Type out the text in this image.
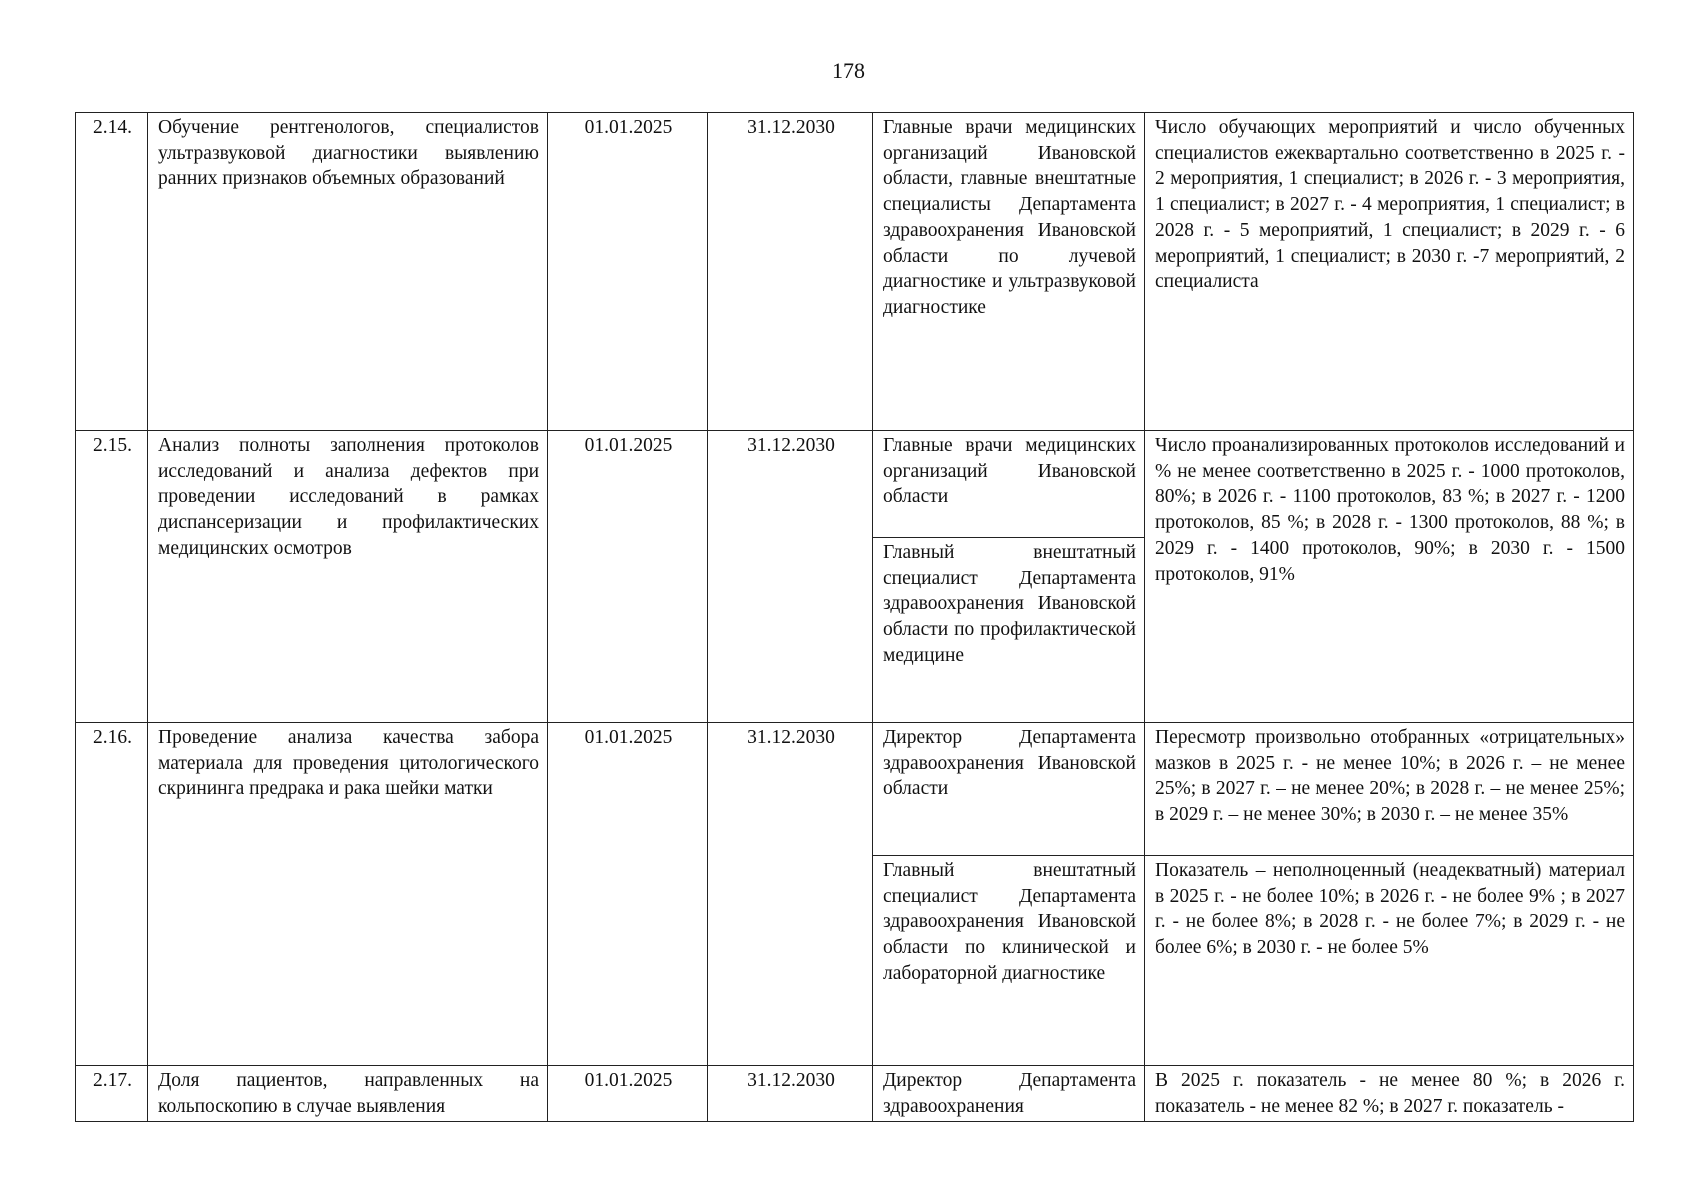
178
2.14.	Обучение рентгенологов, специалистов ультразвуковой диагностики выявлению ранних признаков объемных образований	01.01.2025	31.12.2030	Главные врачи медицинских организаций Ивановской области, главные внештатные специалисты Департамента здравоохранения Ивановской области по лучевой диагностике и ультразвуковой диагностике	Число обучающих мероприятий и число обученных специалистов ежеквартально соответственно в 2025 г. - 2 мероприятия, 1 специалист; в 2026 г. - 3 мероприятия, 1 специалист; в 2027 г. - 4 мероприятия, 1 специалист; в 2028 г. - 5 мероприятий, 1 специалист; в 2029 г. - 6 мероприятий, 1 специалист; в 2030 г. -7 мероприятий, 2 специалиста
2.15.	Анализ полноты заполнения протоколов исследований и анализа дефектов при проведении исследований в рамках диспансеризации и профилактических медицинских осмотров	01.01.2025	31.12.2030	Главные врачи медицинских организаций Ивановской области	Число проанализированных протоколов исследований и % не менее соответственно в 2025 г. - 1000 протоколов, 80%; в 2026 г. - 1100 протоколов, 83 %; в 2027 г. - 1200 протоколов, 85 %; в 2028 г. - 1300 протоколов, 88 %; в 2029 г. - 1400 протоколов, 90%; в 2030 г. - 1500 протоколов, 91%
				Главный внештатный специалист Департамента здравоохранения Ивановской области по профилактической медицине	
2.16.	Проведение анализа качества забора материала для проведения цитологического скрининга предрака и рака шейки матки	01.01.2025	31.12.2030	Директор Департамента здравоохранения Ивановской области	Пересмотр произвольно отобранных «отрицательных» мазков в 2025 г. - не менее 10%; в 2026 г. – не менее 25%; в 2027 г. – не менее 20%; в 2028 г. – не менее 25%; в 2029 г. – не менее 30%; в 2030 г. – не менее 35%
				Главный внештатный специалист Департамента здравоохранения Ивановской области по клинической и лабораторной диагностике	Показатель – неполноценный (неадекватный) материал в 2025 г. - не более 10%; в 2026 г. - не более 9% ; в 2027 г. - не более 8%; в 2028 г. - не более 7%; в 2029 г. - не более 6%; в 2030 г. - не более 5%
2.17.	Доля пациентов, направленных на кольпоскопию в случае выявления	01.01.2025	31.12.2030	Директор Департамента здравоохранения	В 2025 г. показатель - не менее 80 %; в 2026 г. показатель - не менее 82 %; в 2027 г. показатель -
